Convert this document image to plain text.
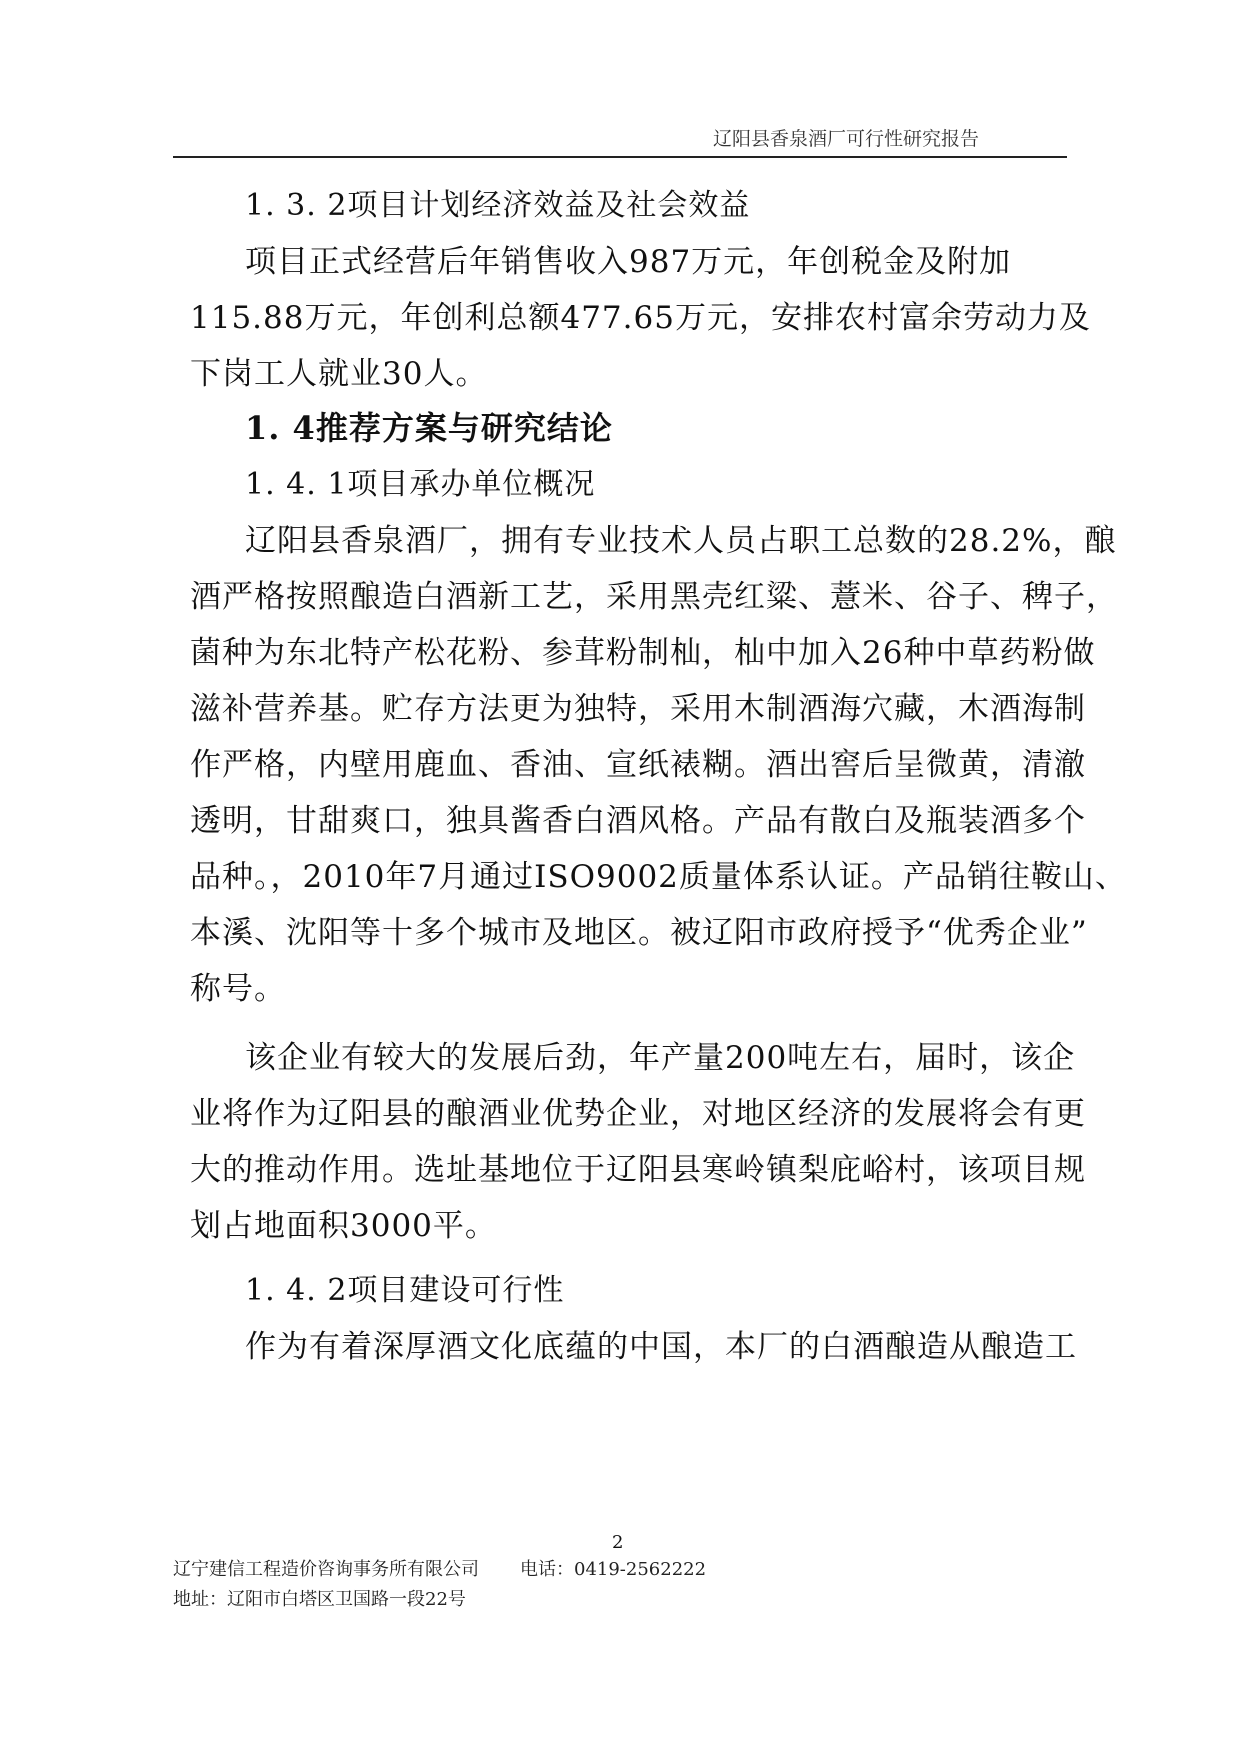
辽阳县香泉酒厂可行性研究报告
1. 3. 2项目计划经济效益及社会效益
项目正式经营后年销售收入987万元，年创税金及附加
115.88万元，年创利总额477.65万元，安排农村富余劳动力及
下岗工人就业30人。
1. 4推荐方案与研究结论
1. 4. 1项目承办单位概况
辽阳县香泉酒厂，拥有专业技术人员占职工总数的28.2%，酿
酒严格按照酿造白酒新工艺，采用黑壳红粱、薏米、谷子、稗子，
菌种为东北特产松花粉、参茸粉制杣，杣中加入26种中草药粉做
滋补营养基。贮存方法更为独特，采用木制酒海穴藏，木酒海制
作严格，内壁用鹿血、香油、宣纸裱糊。酒出窖后呈微黄，清澈
透明，甘甜爽口，独具酱香白酒风格。产品有散白及瓶装酒多个
品种。，2010年7月通过ISO9002质量体系认证。产品销往鞍山、
本溪、沈阳等十多个城市及地区。被辽阳市政府授予“优秀企业”
称号。
该企业有较大的发展后劲，年产量200吨左右，届时，该企
业将作为辽阳县的酿酒业优势企业，对地区经济的发展将会有更
大的推动作用。选址基地位于辽阳县寒岭镇梨庇峪村，该项目规
划占地面积3000平。
1. 4. 2项目建设可行性
作为有着深厚酒文化底蕴的中国，本厂的白酒酿造从酿造工
2
辽宁建信工程造价咨询事务所有限公司 电话：0419-2562222
地址：辽阳市白塔区卫国路一段22号
